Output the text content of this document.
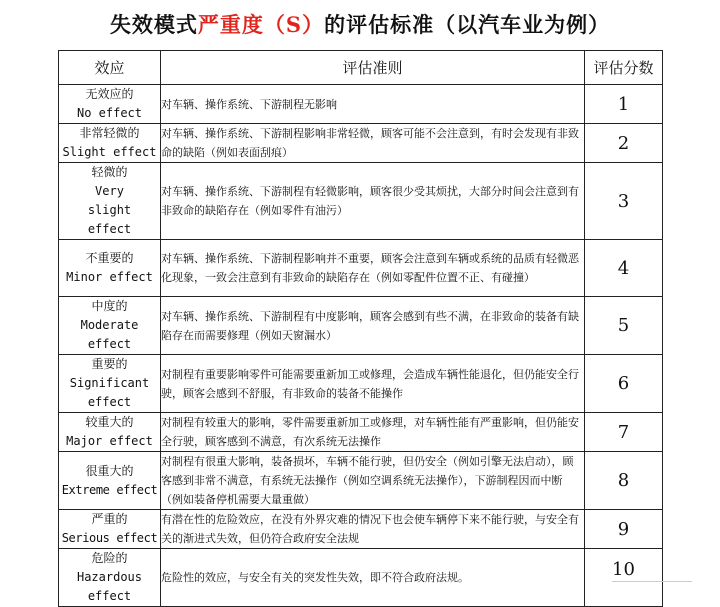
失效模式严重度（S）的评估标准（以汽车业为例）
效应	评估准则	评估分数

无效应的
No effect	对车辆、操作系统、下游制程无影响	1

非常轻微的
Slight effect	对车辆、操作系统、下游制程影响非常轻微，顾客可能不会注意到，有时会发现有非致命的缺陷（例如表面刮痕）	2

轻微的
Very slight effect	对车辆、操作系统、下游制程有轻微影响，顾客很少受其烦扰，大部分时间会注意到有非致命的缺陷存在（例如零件有油污）	3

不重要的
Minor effect	对车辆、操作系统、下游制程影响并不重要，顾客会注意到车辆或系统的品质有轻微恶化现象，一致会注意到有非致命的缺陷存在（例如零配件位置不正、有碰撞）	4

中度的
Moderate effect	对车辆、操作系统、下游制程有中度影响，顾客会感到有些不满，在非致命的装备有缺陷存在而需要修理（例如天窗漏水）	5

重要的
Significant effect	对制程有重要影响零件可能需要重新加工或修理，会造成车辆性能退化，但仍能安全行驶，顾客会感到不舒服，有非致命的装备不能操作	6

较重大的
Major effect	对制程有较重大的影响，零件需要重新加工或修理，对车辆性能有严重影响，但仍能安全行驶，顾客感到不满意，有次系统无法操作	7

很重大的
Extreme effect	对制程有很重大影响，装备损坏，车辆不能行驶，但仍安全（例如引擎无法启动），顾客感到非常不满意，有系统无法操作（例如空调系统无法操作），下游制程因而中断（例如装备停机需要大量重做）	8

严重的
Serious effect	有潜在性的危险效应，在没有外界灾难的情况下也会使车辆停下来不能行驶，与安全有关的渐进式失效，但仍符合政府安全法规	9

危险的
Hazardous effect	危险性的效应，与安全有关的突发性失效，即不符合政府法规。	10
